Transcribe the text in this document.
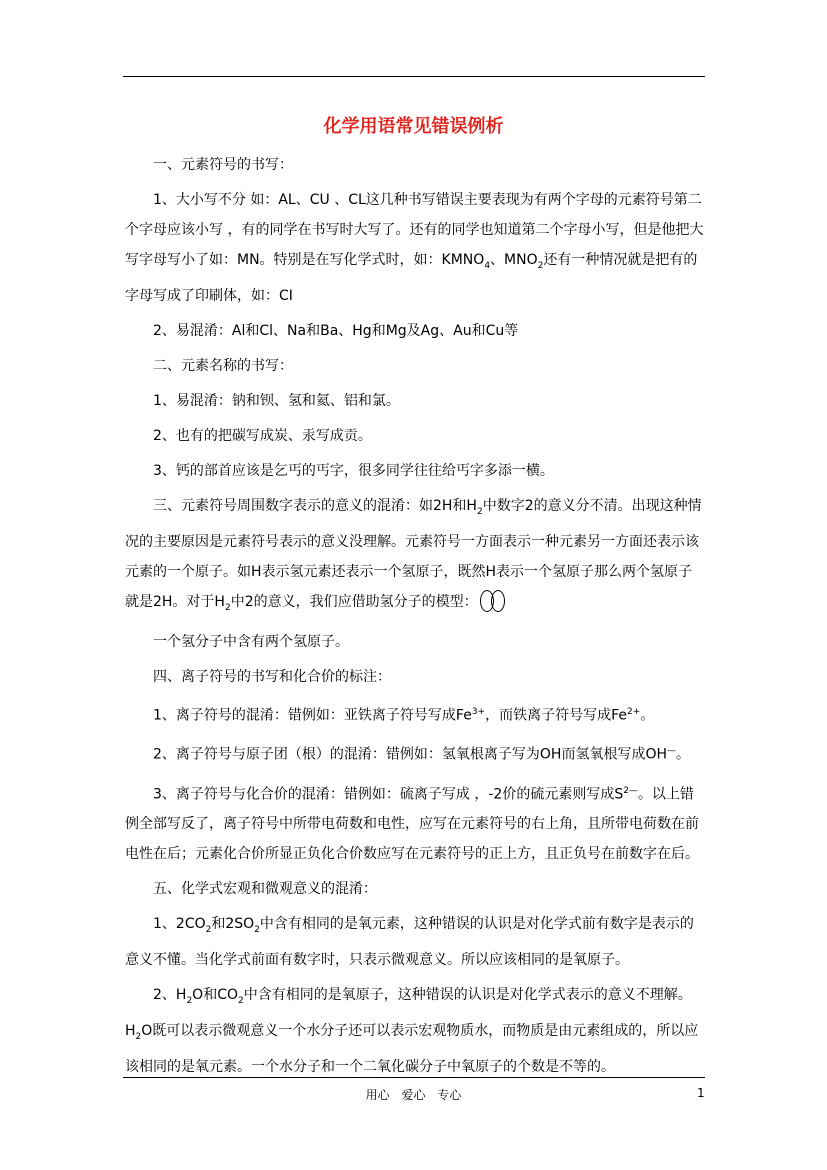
化学用语常见错误例析

一、元素符号的书写：

1、大小写不分 如：AL、CU 、CL这几种书写错误主要表现为有两个字母的元素符号第二个字母应该小写 ，有的同学在书写时大写了。还有的同学也知道第二个字母小写，但是他把大写字母写小了如：MN。特别是在写化学式时，如：$KMNO_4$、$MNO_2$还有一种情况就是把有的字母写成了印刷体，如：CI

2、易混淆：Al和Cl、Na和Ba、Hg和Mg及Ag、Au和Cu等

二、元素名称的书写：

1、易混淆：钠和钡、氢和氦、铝和氯。

2、也有的把碳写成炭、汞写成贡。

3、钙的部首应该是乞丐的丐字，很多同学往往给丐字多添一横。

三、元素符号周围数字表示的意义的混淆：如2H和$H_2$中数字2的意义分不清。出现这种情况的主要原因是元素符号表示的意义没理解。元素符号一方面表示一种元素另一方面还表示该元素的一个原子。如H表示氢元素还表示一个氢原子，既然H表示一个氢原子那么两个氢原子就是2H。对于$H_2$中2的意义，我们应借助氢分子的模型：

一个氢分子中含有两个氢原子。

四、离子符号的书写和化合价的标注：

1、离子符号的混淆：错例如：亚铁离子符号写成$Fe^{3+}$，而铁离子符号写成$Fe^{2+}$。

2、离子符号与原子团（根）的混淆：错例如：氢氧根离子写为OH而氢氧根写成OH—。

3、离子符号与化合价的混淆：错例如：硫离子写成 ，-2价的硫元素则写成$S^{2—}$。以上错例全部写反了，离子符号中所带电荷数和电性，应写在元素符号的右上角，且所带电荷数在前电性在后；元素化合价所显正负化合价数应写在元素符号的正上方，且正负号在前数字在后。

五、化学式宏观和微观意义的混淆：

1、$2CO_2$和$2SO_2$中含有相同的是氧元素，这种错误的认识是对化学式前有数字是表示的意义不懂。当化学式前面有数字时，只表示微观意义。所以应该相同的是氧原子。

2、$H_2O$和$CO_2$中含有相同的是氧原子，这种错误的认识是对化学式表示的意义不理解。$H_2O$既可以表示微观意义一个水分子还可以表示宏观物质水，而物质是由元素组成的，所以应该相同的是氧元素。一个水分子和一个二氧化碳分子中氧原子的个数是不等的。

用心 爱心 专心	1
